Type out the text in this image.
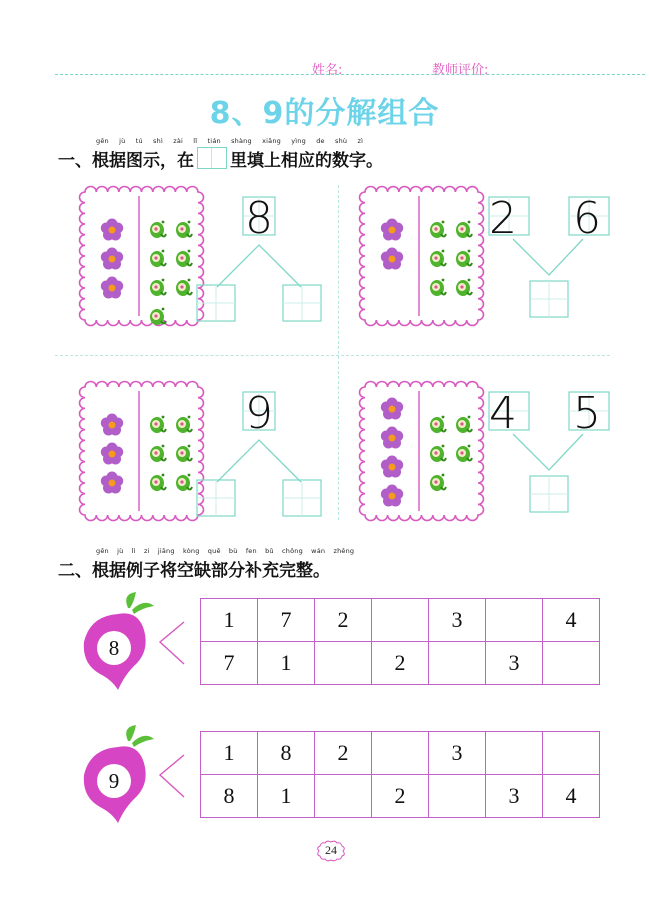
姓名:	教师评价:
8、9的分解组合
gēn jù tú shì zài lǐ tián shàng xiāng yìng de shù zì
一、根据图示，在 里填上相应的数字。
8	2 6
9	4 5
gēn jù lì zi jiāng kòng quē bù fen bǔ chōng wán zhěng
二、根据例子将空缺部分补充完整。
8
1	7	2		3		4
7	1		2		3	
9
1	8	2		3		
8	1		2		3	4
24
